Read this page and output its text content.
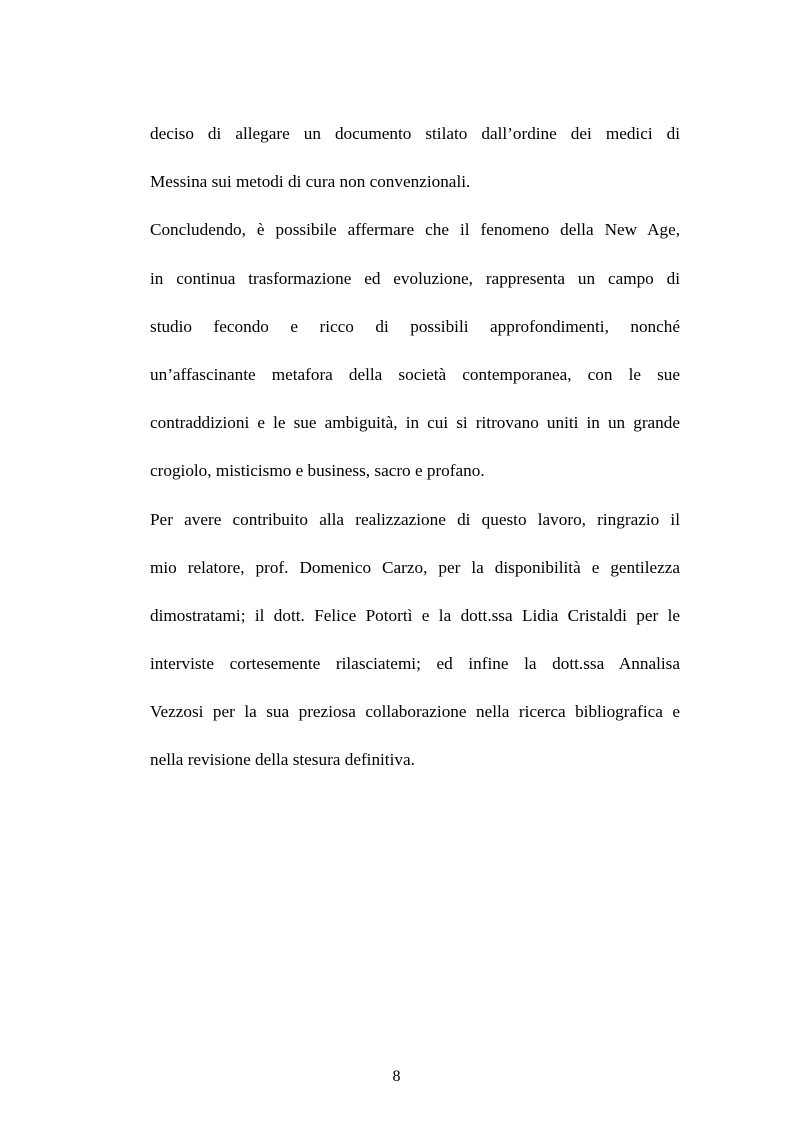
deciso di allegare un documento stilato dall’ordine dei medici di
Messina sui metodi di cura non convenzionali.
Concludendo, è possibile affermare che il fenomeno della New Age,
in continua trasformazione ed evoluzione, rappresenta un campo di
studio fecondo e ricco di possibili approfondimenti, nonché
un’affascinante metafora della società contemporanea, con le sue
contraddizioni e le sue ambiguità, in cui si ritrovano uniti in un grande
crogiolo, misticismo e business, sacro e profano.
Per avere contribuito alla realizzazione di questo lavoro, ringrazio il
mio relatore, prof. Domenico Carzo, per la disponibilità e gentilezza
dimostratami; il dott. Felice Potortì e la dott.ssa Lidia Cristaldi per le
interviste cortesemente rilasciatemi; ed infine la dott.ssa Annalisa
Vezzosi per la sua preziosa collaborazione nella ricerca bibliografica e
nella revisione della stesura definitiva.
8
